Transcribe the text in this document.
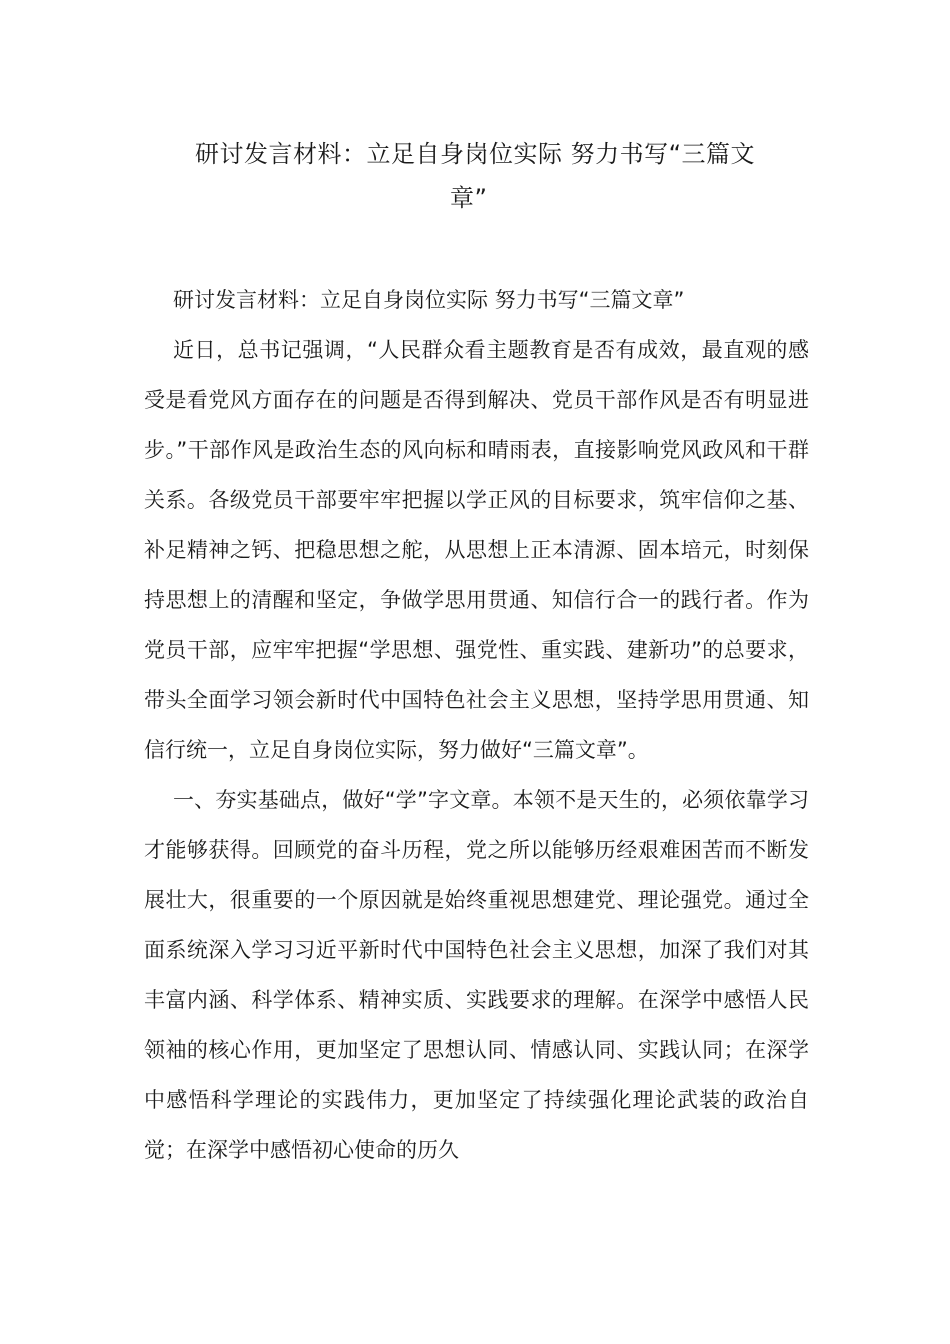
研讨发言材料：立足自身岗位实际 努力书写“三篇文
章”

研讨发言材料：立足自身岗位实际 努力书写“三篇文章”

近日，总书记强调，“人民群众看主题教育是否有成效，最直观的感受是看党风方面存在的问题是否得到解决、党员干部作风是否有明显进步。”干部作风是政治生态的风向标和晴雨表，直接影响党风政风和干群关系。各级党员干部要牢牢把握以学正风的目标要求，筑牢信仰之基、补足精神之钙、把稳思想之舵，从思想上正本清源、固本培元，时刻保持思想上的清醒和坚定，争做学思用贯通、知信行合一的践行者。作为党员干部，应牢牢把握“学思想、强党性、重实践、建新功”的总要求，带头全面学习领会新时代中国特色社会主义思想，坚持学思用贯通、知信行统一，立足自身岗位实际，努力做好“三篇文章”。

一、夯实基础点，做好“学”字文章。本领不是天生的，必须依靠学习才能够获得。回顾党的奋斗历程，党之所以能够历经艰难困苦而不断发展壮大，很重要的一个原因就是始终重视思想建党、理论强党。通过全面系统深入学习习近平新时代中国特色社会主义思想，加深了我们对其丰富内涵、科学体系、精神实质、实践要求的理解。在深学中感悟人民领袖的核心作用，更加坚定了思想认同、情感认同、实践认同；在深学中感悟科学理论的实践伟力，更加坚定了持续强化理论武装的政治自觉；在深学中感悟初心使命的历久
